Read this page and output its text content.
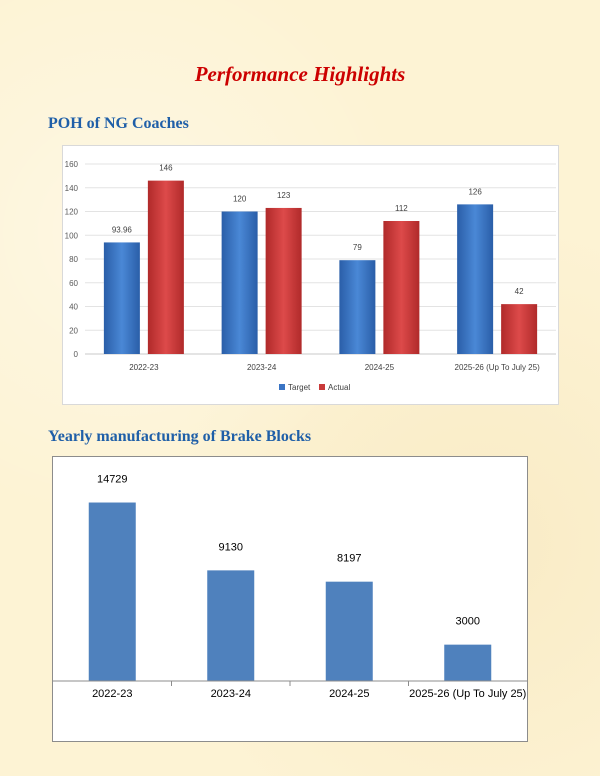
Performance Highlights
POH of NG Coaches
Yearly manufacturing of Brake Blocks
0
20
40
60
80
100
120
140
160
93.96
146
2022-23
120	123
2023-24
79
112
2024-25
126
42
2025-26 (Up To July 25)
Target Actual
14729
2022-23
9130
2023-24
8197
2024-25
3000
2025-26 (Up To July 25)
